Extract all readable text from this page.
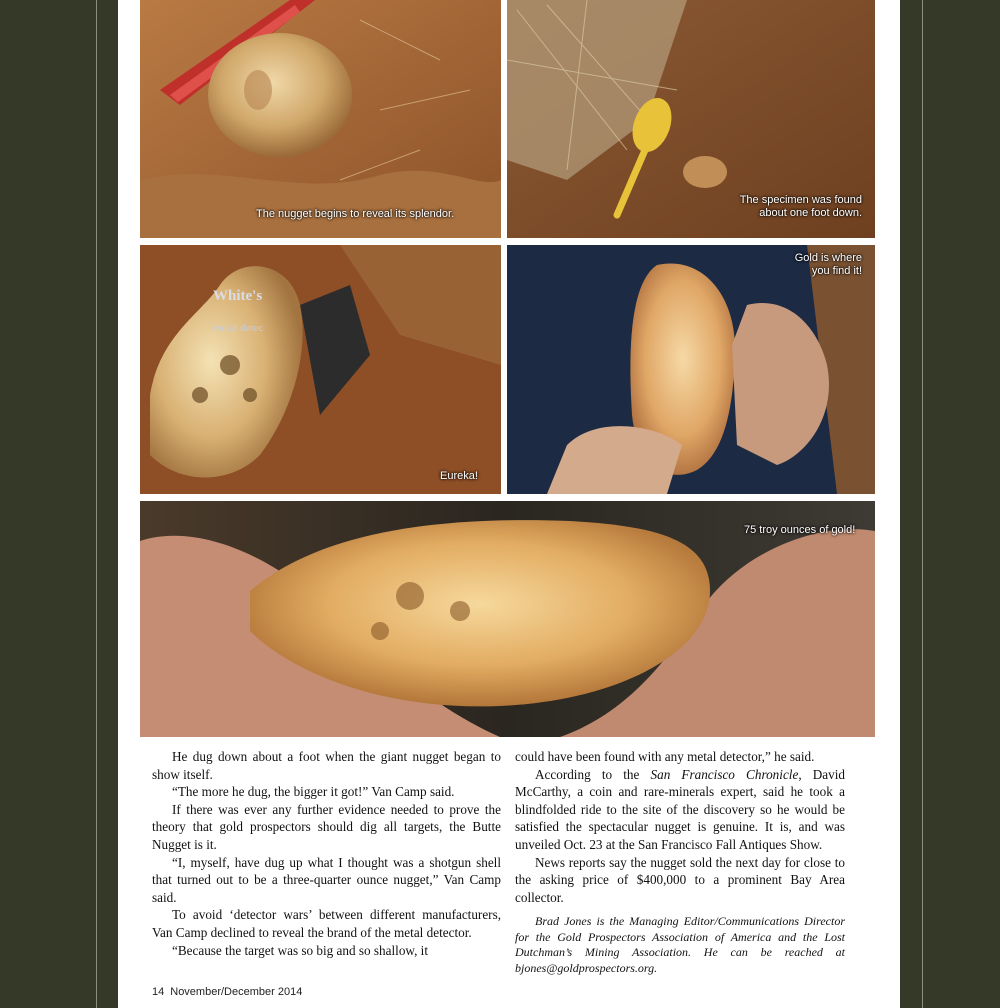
The nugget begins to reveal its splendor.
The specimen was found
about one foot down.
Eureka!
White's
metal detec
Gold is where
you find it!
75 troy ounces of gold!

He dug down about a foot when the giant nugget began to show itself.

“The more he dug, the bigger it got!” Van Camp said.

If there was ever any further evidence needed to prove the theory that gold prospectors should dig all targets, the Butte Nugget is it.

“I, myself, have dug up what I thought was a shotgun shell that turned out to be a three-quarter ounce nugget,” Van Camp said.

To avoid ‘detector wars’ between different manufacturers, Van Camp declined to reveal the brand of the metal detector.

“Because the target was so big and so shallow, it

could have been found with any metal detector,” he said.

According to the San Francisco Chronicle, David McCarthy, a coin and rare-minerals expert, said he took a blindfolded ride to the site of the discovery so he would be satisfied the spectacular nugget is genuine. It is, and was unveiled Oct. 23 at the San Francisco Fall Antiques Show.

News reports say the nugget sold the next day for close to the asking price of $400,000 to a prominent Bay Area collector.

Brad Jones is the Managing Editor/Communications Director for the Gold Prospectors Association of America and the Lost Dutchman’s Mining Association. He can be reached at bjones@goldprospectors.org.

14 November/December 2014
